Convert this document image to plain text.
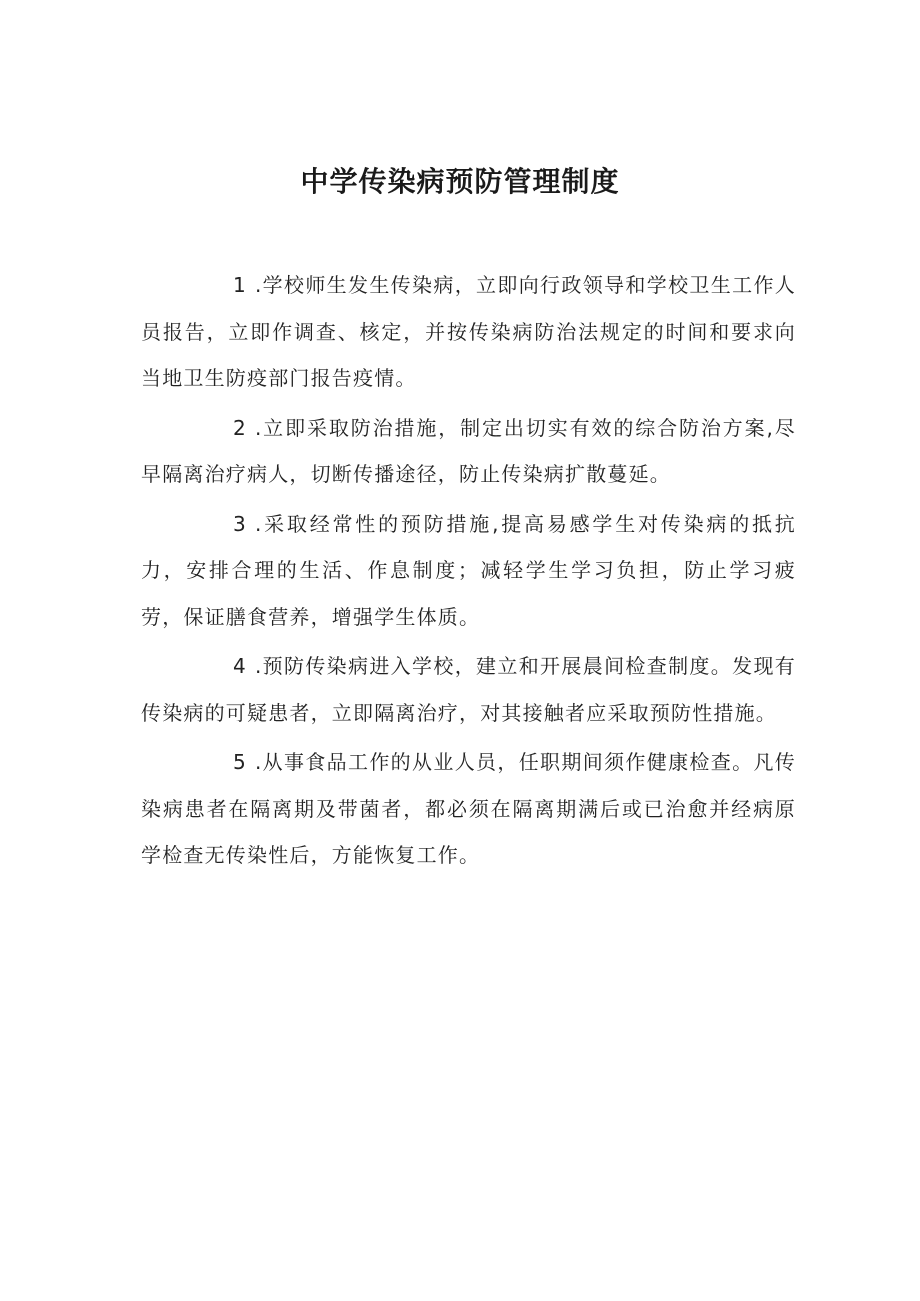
中学传染病预防管理制度

1 .学校师生发生传染病，立即向行政领导和学校卫生工作人员报告，立即作调查、核定，并按传染病防治法规定的时间和要求向当地卫生防疫部门报告疫情。

2 .立即采取防治措施，制定出切实有效的综合防治方案,尽早隔离治疗病人，切断传播途径，防止传染病扩散蔓延。

3 .采取经常性的预防措施,提高易感学生对传染病的抵抗力，安排合理的生活、作息制度；减轻学生学习负担，防止学习疲劳，保证膳食营养，增强学生体质。

4 .预防传染病进入学校，建立和开展晨间检查制度。发现有传染病的可疑患者，立即隔离治疗，对其接触者应采取预防性措施。

5 .从事食品工作的从业人员，任职期间须作健康检查。凡传染病患者在隔离期及带菌者，都必须在隔离期满后或已治愈并经病原学检查无传染性后，方能恢复工作。
